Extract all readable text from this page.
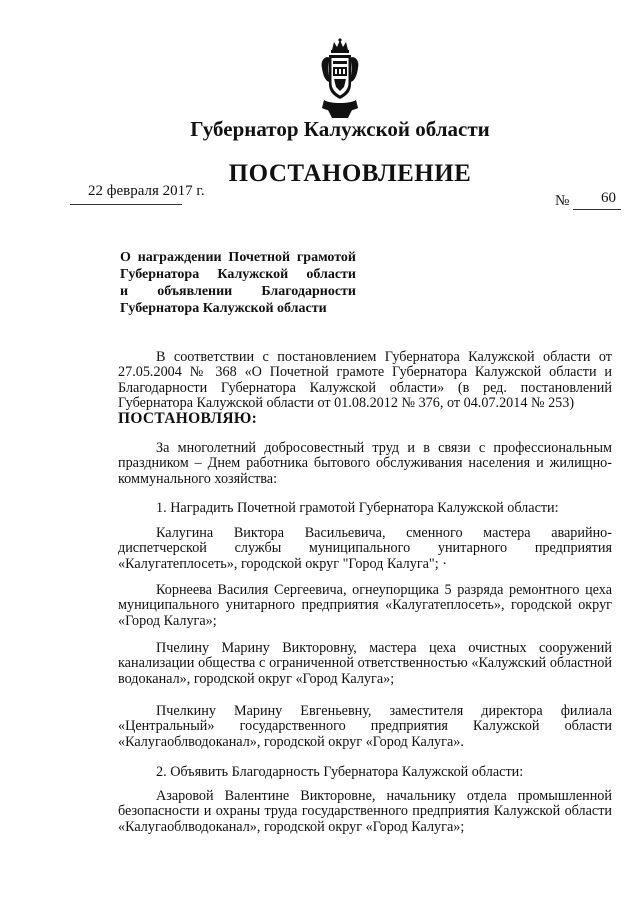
Губернатор Калужской области
ПОСТАНОВЛЕНИЕ
22 февраля 2017 г.
№ 60
О награждении Почетной грамотой
Губернатора Калужской области
и объявлении Благодарности
Губернатора Калужской области
В соответствии с постановлением Губернатора Калужской области от 27.05.2004 № 368 «О Почетной грамоте Губернатора Калужской области и Благодарности Губернатора Калужской области» (в ред. постановлений Губернатора Калужской области от 01.08.2012 № 376, от 04.07.2014 № 253)
ПОСТАНОВЛЯЮ:
За многолетний добросовестный труд и в связи с профессиональным праздником – Днем работника бытового обслуживания населения и жилищно-коммунального хозяйства:
1. Наградить Почетной грамотой Губернатора Калужской области:
Калугина Виктора Васильевича, сменного мастера аварийно-диспетчерской службы муниципального унитарного предприятия «Калугатеплосеть», городской округ "Город Калуга"; ·
Корнеева Василия Сергеевича, огнеупорщика 5 разряда ремонтного цеха муниципального унитарного предприятия «Калугатеплосеть», городской округ «Город Калуга»;
Пчелину Марину Викторовну, мастера цеха очистных сооружений канализации общества с ограниченной ответственностью «Калужский областной водоканал», городской округ «Город Калуга»;
Пчелкину Марину Евгеньевну, заместителя директора филиала «Центральный» государственного предприятия Калужской области «Калугаоблводоканал», городской округ «Город Калуга».
2. Объявить Благодарность Губернатора Калужской области:
Азаровой Валентине Викторовне, начальнику отдела промышленной безопасности и охраны труда государственного предприятия Калужской области «Калугаоблводоканал», городской округ «Город Калуга»;
